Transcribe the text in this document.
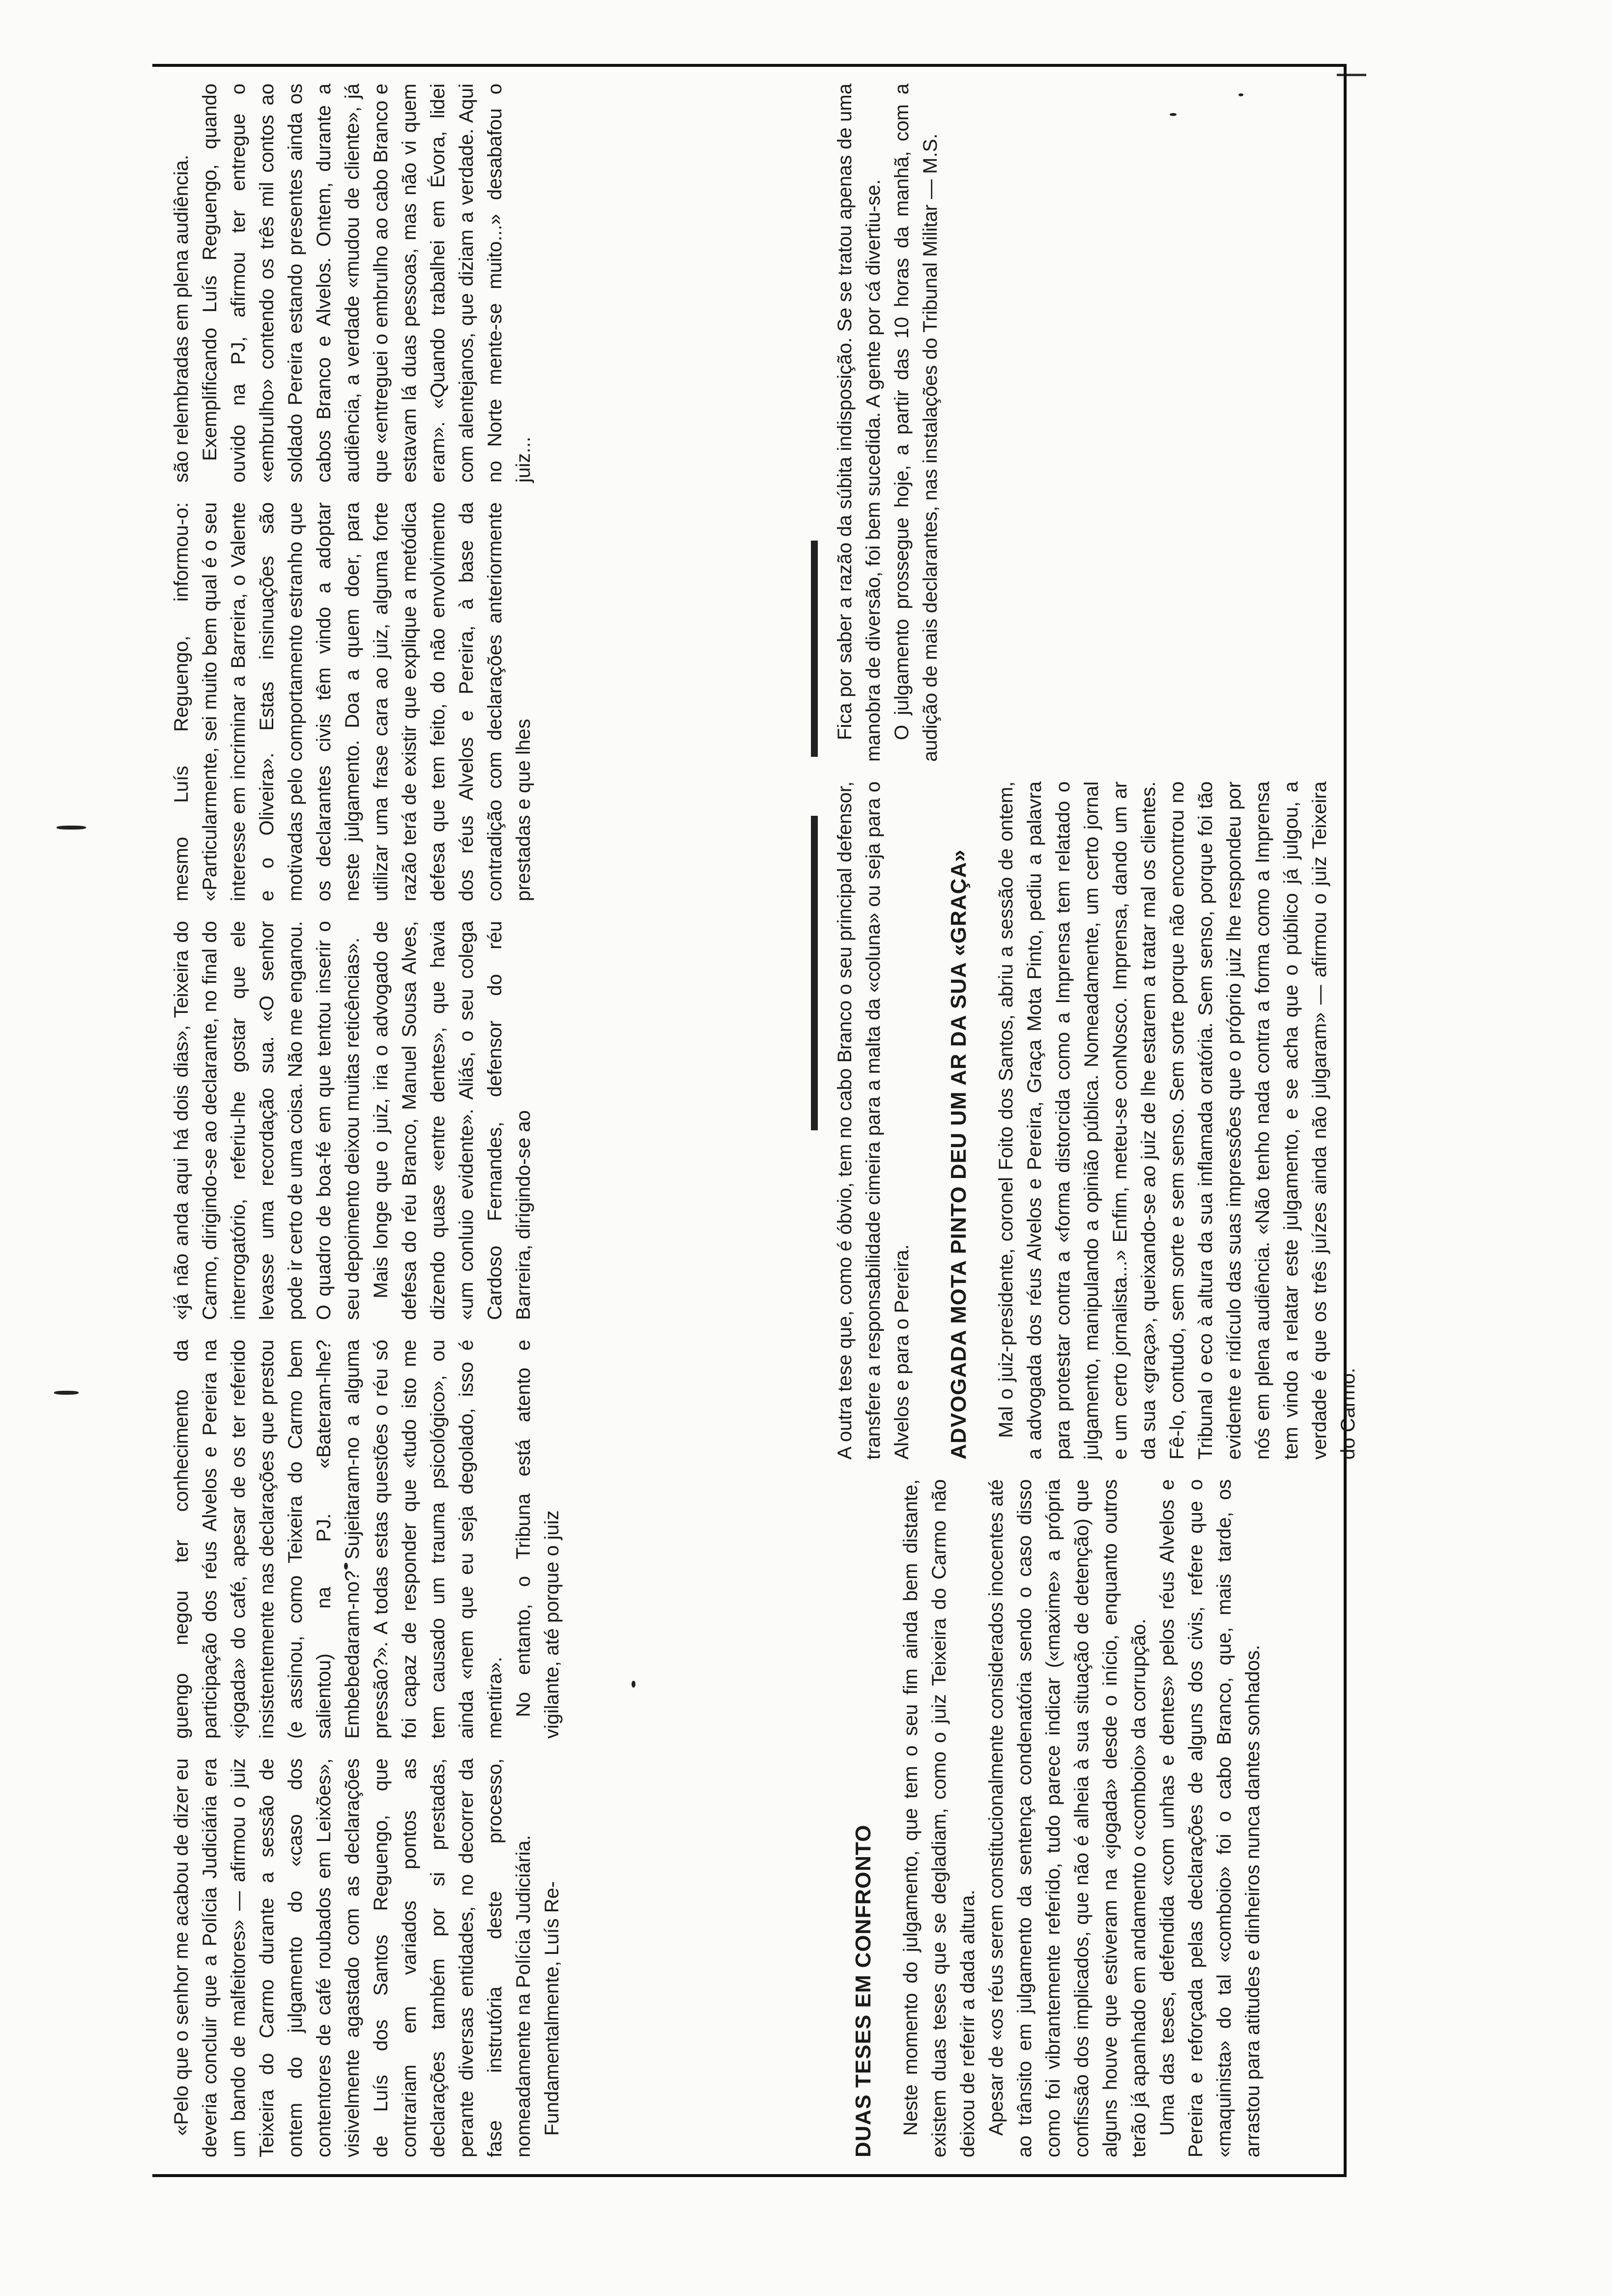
«Pelo que o senhor me acabou de dizer eu deveria concluir que a Polícia Judiciária era um bando de malfeitores» — afirmou o juiz Teixeira do Carmo durante a sessão de ontem do julgamento do «caso dos contentores de café roubados em Leixões», visivelmente agastado com as declarações de Luís dos Santos Reguengo, que contrariam em variados pontos as declarações também por si prestadas, perante diversas entidades, no decorrer da fase instrutória deste processo, nomeadamente na Polícia Judiciária. Fundamentalmente, Luís Re-

guengo negou ter conhecimento da participação dos réus Alvelos e Pereira na «jogada» do café, apesar de os ter referido insistentemente nas declarações que prestou (e assinou, como Teixeira do Carmo bem salientou) na PJ. «Bateram-lhe? Embebedaram-no? Sujeitaram-no a alguma pressão?». A todas estas questões o réu só foi capaz de responder que «tudo isto me tem causado um trauma psicológico», ou ainda «nem que eu seja degolado, isso é mentira». No entanto, o Tribuna está atento e vigilante, até porque o juiz

«já não anda aqui há dois dias», Teixeira do Carmo, dirigindo-se ao declarante, no final do interrogatório, referiu-lhe gostar que ele levasse uma recordação sua. «O senhor pode ir certo de uma coisa. Não me enganou. O quadro de boa-fé em que tentou inserir o seu depoimento deixou muitas reticências». Mais longe que o juiz, iria o advogado de defesa do réu Branco, Manuel Sousa Alves, dizendo quase «entre dentes», que havia «um conluio evidente». Aliás, o seu colega Cardoso Fernandes, defensor do réu Barreira, dirigindo-se ao

mesmo Luís Reguengo, informou-o: «Particularmente, sei muito bem qual é o seu interesse em incriminar a Barreira, o Valente e o Oliveira». Estas insinuações são motivadas pelo comportamento estranho que os declarantes civis têm vindo a adoptar neste julgamento. Doa a quem doer, para utilizar uma frase cara ao juiz, alguma forte razão terá de existir que explique a metódica defesa que tem feito, do não envolvimento dos réus Alvelos e Pereira, à base da contradição com declarações anteriormente prestadas e que lhes

são relembradas em plena audiência. Exemplificando Luís Reguengo, quando ouvido na PJ, afirmou ter entregue o «embrulho» contendo os três mil contos ao soldado Pereira estando presentes ainda os cabos Branco e Alvelos. Ontem, durante a audiência, a verdade «mudou de cliente», já que «entreguei o embrulho ao cabo Branco e estavam lá duas pessoas, mas não vi quem eram». «Quando trabalhei em Évora, lidei com alentejanos, que diziam a verdade. Aqui no Norte mente-se muito...» desabafou o juiz...

DUAS TESES EM CONFRONTO Neste momento do julgamento, que tem o seu fim ainda bem distante, existem duas teses que se degladiam, como o juiz Teixeira do Carmo não deixou de referir a dada altura. Apesar de «os réus serem constitucionalmente considerados inocentes até ao trânsito em julgamento da sentença condenatória sendo o caso disso como foi vibrantemente referido, tudo parece indicar («maxime» a própria confissão dos implicados, que não é alheia à sua situação de detenção) que alguns houve que estiveram na «jogada» desde o início, enquanto outros terão já apanhado em andamento o «comboio» da corrupção. Uma das teses, defendida «com unhas e dentes» pelos réus Alvelos e Pereira e reforçada pelas declarações de alguns dos civis, refere que o «maquinista» do tal «comboio» foi o cabo Branco, que, mais tarde, os arrastou para atitudes e dinheiros nunca dantes sonhados.

A outra tese que, como é óbvio, tem no cabo Branco o seu principal defensor, transfere a responsabilidade cimeira para a malta da «coluna» ou seja para o Alvelos e para o Pereira. ADVOGADA MOTA PINTO DEU UM AR DA SUA «GRAÇA» Mal o juiz-presidente, coronel Foito dos Santos, abriu a sessão de ontem, a advogada dos réus Alvelos e Pereira, Graça Mota Pinto, pediu a palavra para protestar contra a «forma distorcida como a Imprensa tem relatado o julgamento, manipulando a opinião pública. Nomeadamente, um certo jornal e um certo jornalista...» Enfim, meteu-se conNosco. Imprensa, dando um ar da sua «graça», queixando-se ao juiz de lhe estarem a tratar mal os clientes. Fê-lo, contudo, sem sorte e sem senso. Sem sorte porque não encontrou no Tribunal o eco à altura da sua inflamada oratória. Sem senso, porque foi tão evidente e ridículo das suas impressões que o próprio juiz lhe respondeu por nós em plena audiência. «Não tenho nada contra a forma como a Imprensa tem vindo a relatar este julgamento, e se acha que o público já julgou, a verdade é que os três juízes ainda não julgaram» — afirmou o juiz Teixeira do Carmo.

Fica por saber a razão da súbita indisposição. Se se tratou apenas de uma manobra de diversão, foi bem sucedida. A gente por cá divertiu-se. O julgamento prossegue hoje, a partir das 10 horas da manhã, com a audição de mais declarantes, nas instalações do Tribunal Militar — M.S.
